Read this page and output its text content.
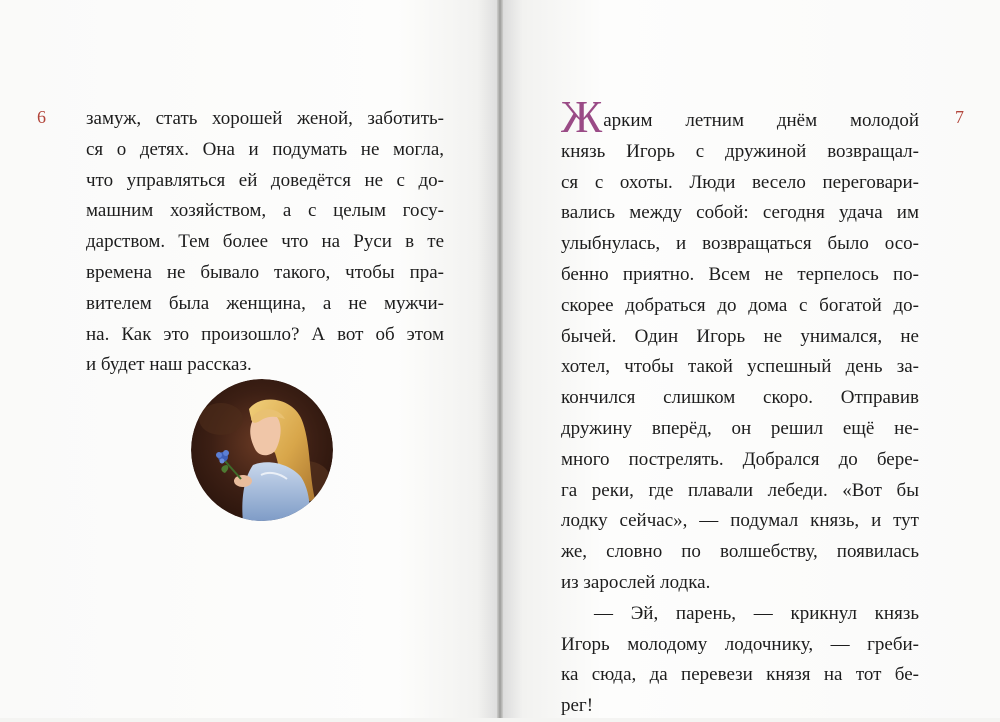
6	7
замуж, стать хорошей женой, заботить-
ся о детях. Она и подумать не могла,
что управляться ей доведётся не с до-
машним хозяйством, а с целым госу-
дарством. Тем более что на Руси в те
времена не бывало такого, чтобы пра-
вителем была женщина, а не мужчи-
на. Как это произошло? А вот об этом
и будет наш рассказ.
Жарким летним днём молодой
князь Игорь с дружиной возвращал-
ся с охоты. Люди весело переговари-
вались между собой: сегодня удача им
улыбнулась, и возвращаться было осо-
бенно приятно. Всем не терпелось по-
скорее добраться до дома с богатой до-
бычей. Один Игорь не унимался, не
хотел, чтобы такой успешный день за-
кончился слишком скоро. Отправив
дружину вперёд, он решил ещё не-
много пострелять. Добрался до бере-
га реки, где плавали лебеди. «Вот бы
лодку сейчас», — подумал князь, и тут
же, словно по волшебству, появилась
из зарослей лодка.
— Эй, парень, — крикнул князь
Игорь молодому лодочнику, — греби-
ка сюда, да перевези князя на тот бе-
рег!
